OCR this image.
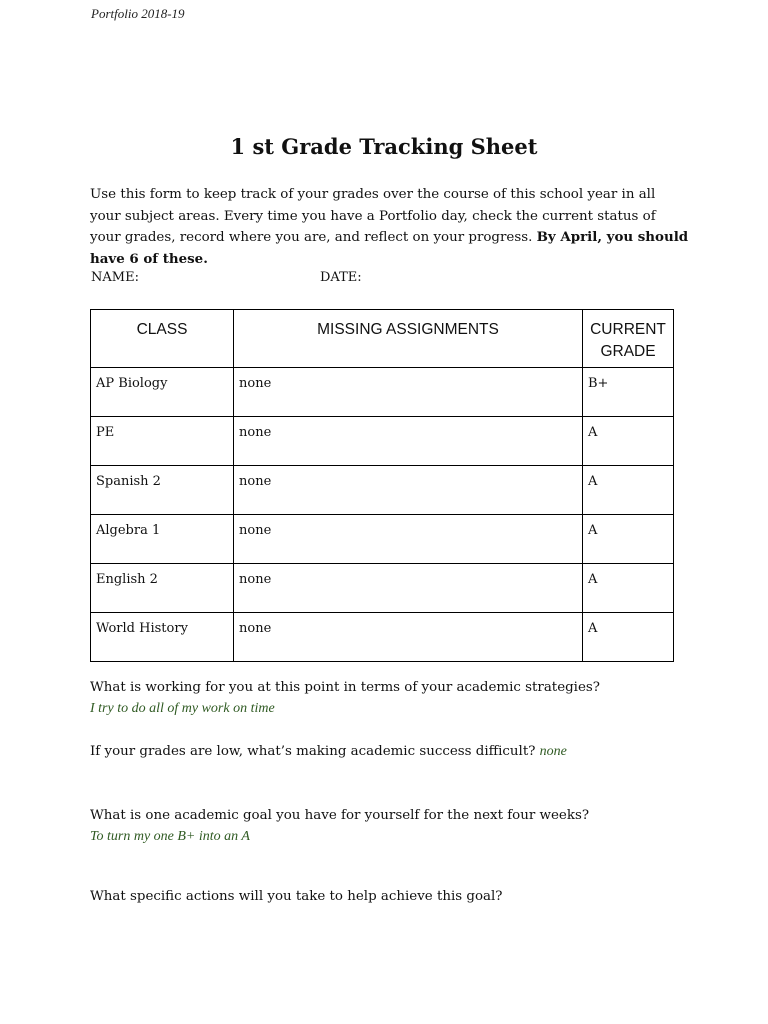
Portfolio 2018-19
1 st Grade Tracking Sheet

Use this form to keep track of your grades over the course of this school year in all your subject areas. Every time you have a Portfolio day, check the current status of your grades, record where you are, and reflect on your progress. By April, you should have 6 of these.

NAME:	DATE:
CLASS	MISSING ASSIGNMENTS	CURRENT GRADE
AP Biology	none	B+
PE	none	A
Spanish 2	none	A
Algebra 1	none	A
English 2	none	A
World History	none	A

What is working for you at this point in terms of your academic strategies?
I try to do all of my work on time

If your grades are low, what’s making academic success difficult? none

What is one academic goal you have for yourself for the next four weeks?
To turn my one B+ into an A

What specific actions will you take to help achieve this goal?
